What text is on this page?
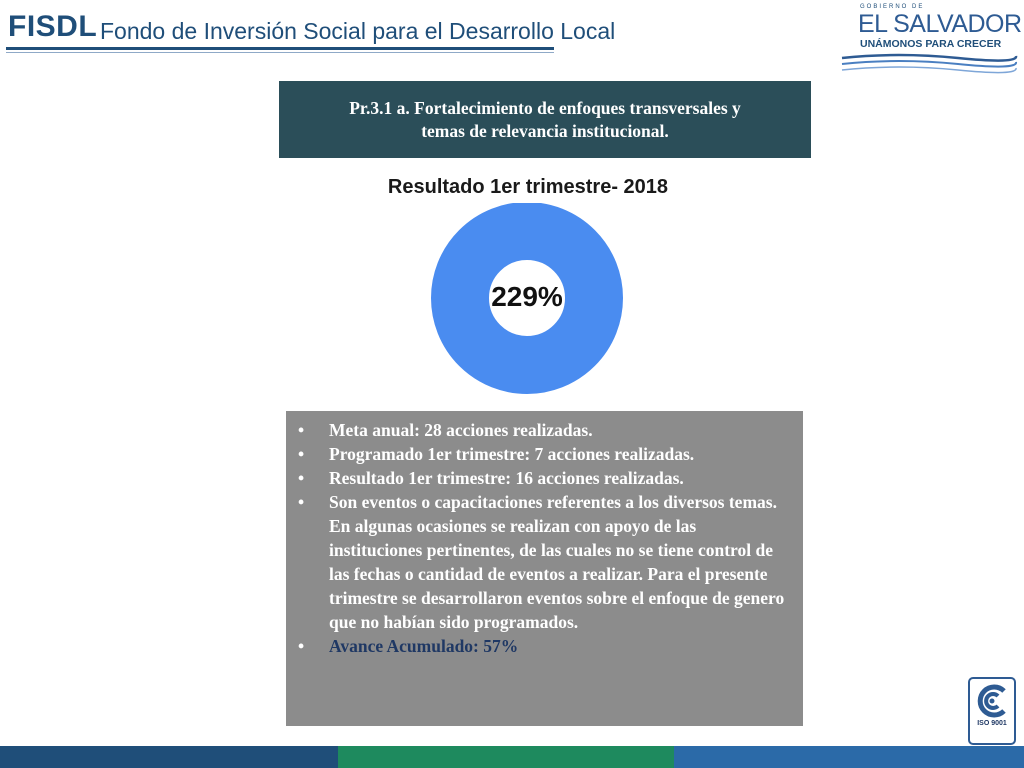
FISDL Fondo de Inversión Social para el Desarrollo Local
GOBIERNO DE
EL SALVADOR
UNÁMONOS PARA CRECER
Pr.3.1 a. Fortalecimiento de enfoques transversales y
temas de relevancia institucional.
Resultado 1er trimestre- 2018
229%
• Meta anual: 28 acciones realizadas.
• Programado 1er trimestre: 7 acciones realizadas.
• Resultado 1er trimestre: 16 acciones realizadas.
• Son eventos o capacitaciones referentes a los diversos temas. En algunas ocasiones se realizan con apoyo de las instituciones pertinentes, de las cuales no se tiene control de las fechas o cantidad de eventos a realizar. Para el presente trimestre se desarrollaron eventos sobre el enfoque de genero que no habían sido programados.
• Avance Acumulado: 57%
ISO 9001
